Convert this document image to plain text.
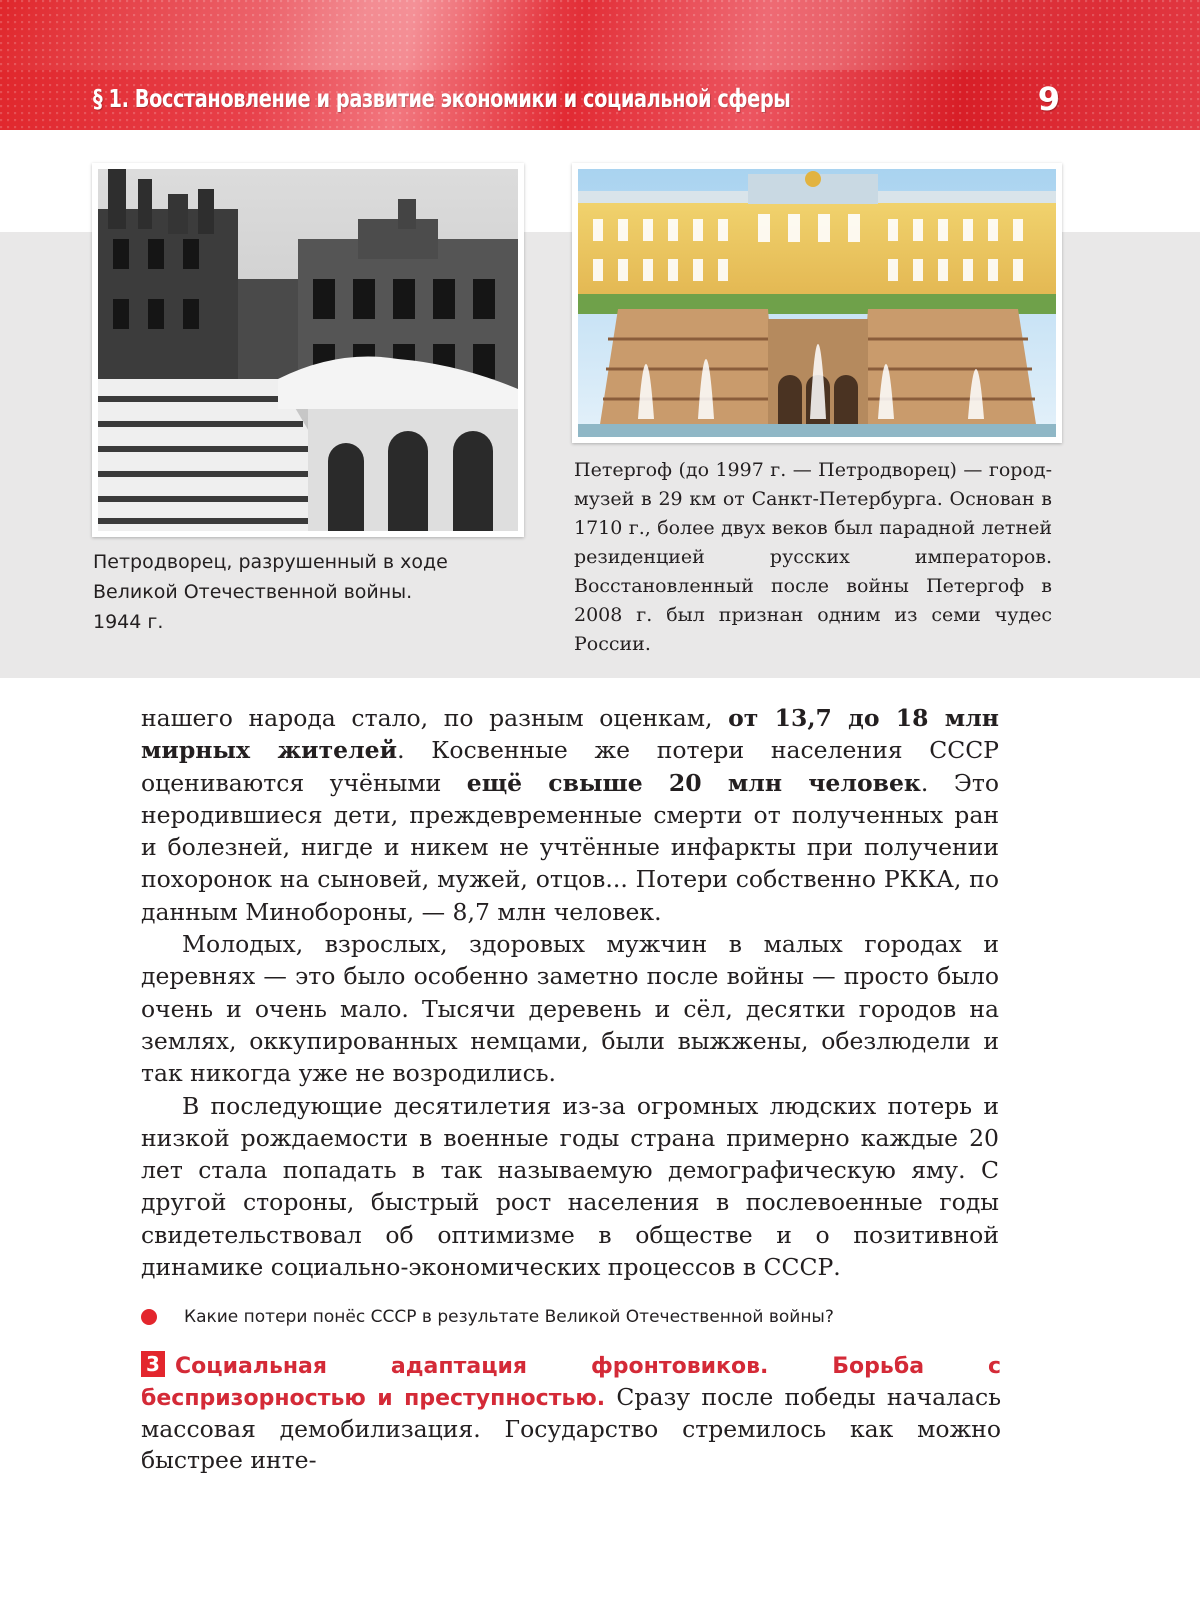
§ 1. Восстановление и развитие экономики и социальной сферы	9
Петродворец, разрушенный в ходе
Великой Отечественной войны.
1944 г.
Петергоф (до 1997 г. — Петродворец) — город-музей в 29 км от Санкт-Петербурга. Основан в 1710 г., более двух веков был парадной летней резиденцией русских императоров. Восстановленный после войны Петергоф в 2008 г. был признан одним из семи чудес России.

нашего народа стало, по разным оценкам, от 13,7 до 18 млн мирных жителей. Косвенные же потери населения СССР оцениваются учёными ещё свыше 20 млн человек. Это неродившиеся дети, преждевременные смерти от полученных ран и болезней, нигде и никем не учтённые инфаркты при получении похоронок на сыновей, мужей, отцов... Потери собственно РККА, по данным Минобороны, — 8,7 млн человек.

Молодых, взрослых, здоровых мужчин в малых городах и деревнях — это было особенно заметно после войны — просто было очень и очень мало. Тысячи деревень и сёл, десятки городов на землях, оккупированных немцами, были выжжены, обезлюдели и так никогда уже не возродились.

В последующие десятилетия из-за огромных людских потерь и низкой рождаемости в военные годы страна примерно каждые 20 лет стала попадать в так называемую демографическую яму. С другой стороны, быстрый рост населения в послевоенные годы свидетельствовал об оптимизме в обществе и о позитивной динамике социально-экономических процессов в СССР.

Какие потери понёс СССР в результате Великой Отечественной войны?
3 Социальная адаптация фронтовиков. Борьба с беспризорностью и преступностью. Сразу после победы началась массовая демобилизация. Государство стремилось как можно быстрее инте-
